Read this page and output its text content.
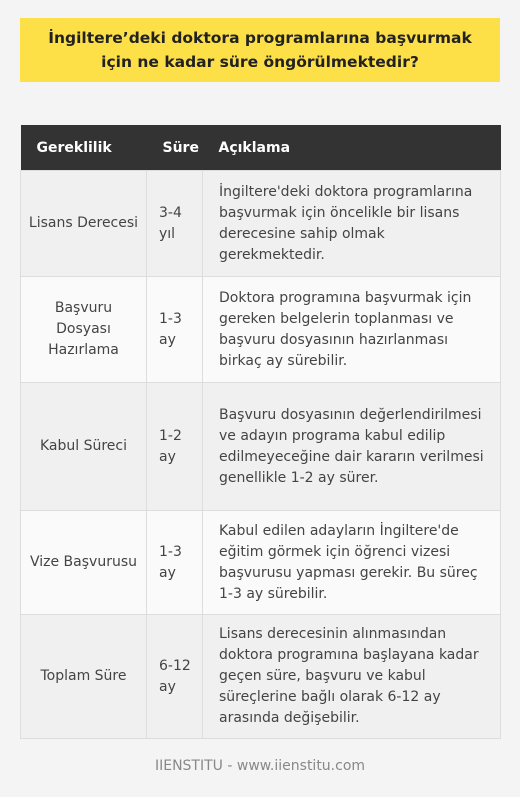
İngiltere’deki doktora programlarına başvurmak için ne kadar süre öngörülmektedir?
Gereklilik	Süre	Açıklama
Lisans Derecesi	3-4 yıl	İngiltere'deki doktora programlarına başvurmak için öncelikle bir lisans derecesine sahip olmak gerekmektedir.
Başvuru Dosyası Hazırlama	1-3 ay	Doktora programına başvurmak için gereken belgelerin toplanması ve başvuru dosyasının hazırlanması birkaç ay sürebilir.
Kabul Süreci	1-2 ay	Başvuru dosyasının değerlendirilmesi ve adayın programa kabul edilip edilmeyeceğine dair kararın verilmesi genellikle 1-2 ay sürer.
Vize Başvurusu	1-3 ay	Kabul edilen adayların İngiltere'de eğitim görmek için öğrenci vizesi başvurusu yapması gerekir. Bu süreç 1-3 ay sürebilir.
Toplam Süre	6-12 ay	Lisans derecesinin alınmasından doktora programına başlayana kadar geçen süre, başvuru ve kabul süreçlerine bağlı olarak 6-12 ay arasında değişebilir.
IIENSTITU - www.iienstitu.com
